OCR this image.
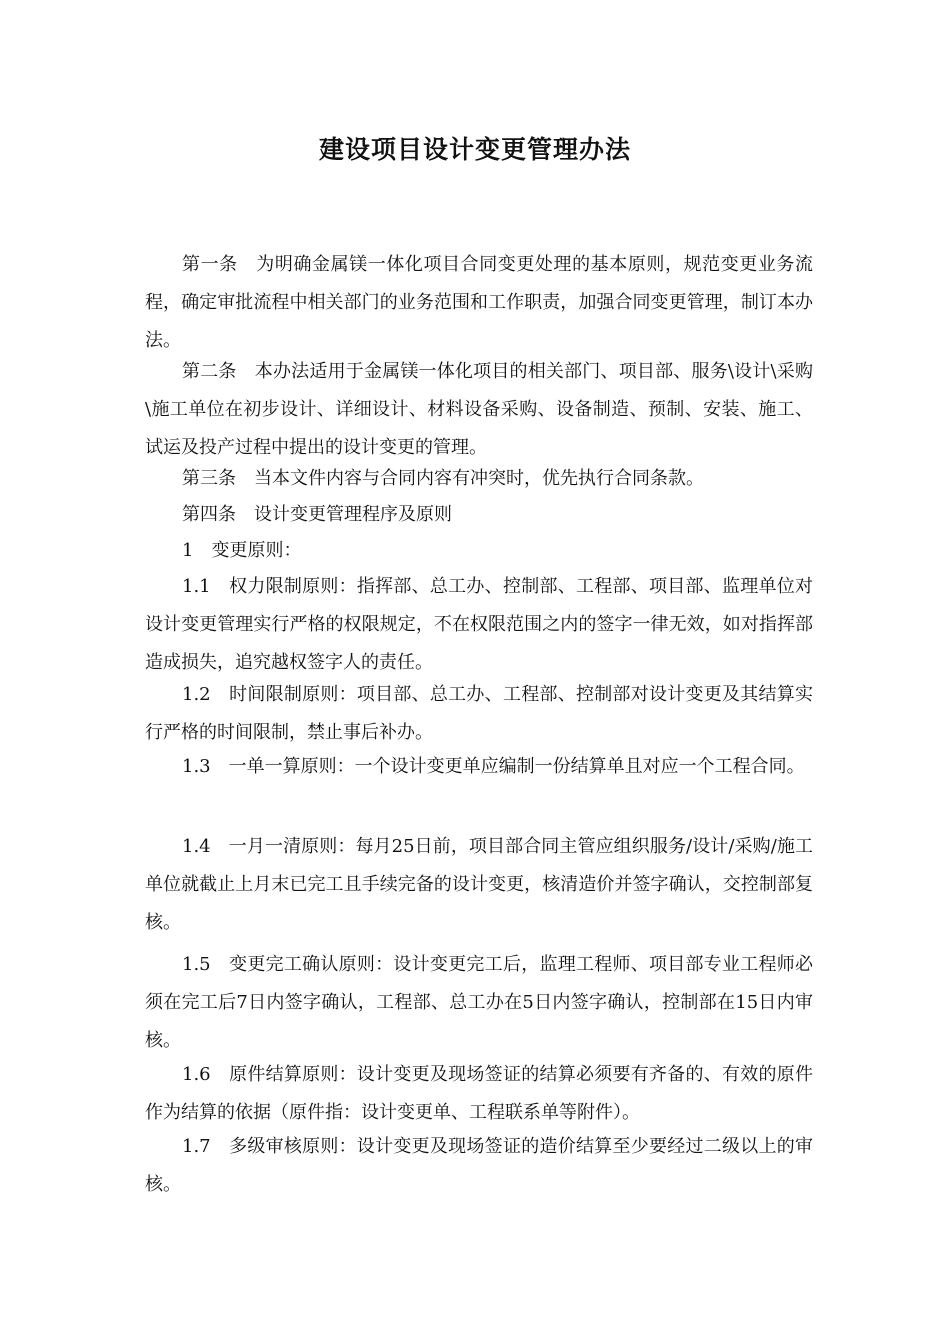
建设项目设计变更管理办法

第一条　为明确金属镁一体化项目合同变更处理的基本原则，规范变更业务流程，确定审批流程中相关部门的业务范围和工作职责，加强合同变更管理，制订本办法。

第二条　本办法适用于金属镁一体化项目的相关部门、项目部、服务\设计\采购\施工单位在初步设计、详细设计、材料设备采购、设备制造、预制、安装、施工、试运及投产过程中提出的设计变更的管理。

第三条　当本文件内容与合同内容有冲突时，优先执行合同条款。

第四条　设计变更管理程序及原则

1　变更原则：

1.1　权力限制原则：指挥部、总工办、控制部、工程部、项目部、监理单位对设计变更管理实行严格的权限规定，不在权限范围之内的签字一律无效，如对指挥部造成损失，追究越权签字人的责任。

1.2　时间限制原则：项目部、总工办、工程部、控制部对设计变更及其结算实行严格的时间限制，禁止事后补办。

1.3　一单一算原则：一个设计变更单应编制一份结算单且对应一个工程合同。

1.4　一月一清原则：每月25日前，项目部合同主管应组织服务/设计/采购/施工单位就截止上月末已完工且手续完备的设计变更，核清造价并签字确认，交控制部复核。

1.5　变更完工确认原则：设计变更完工后，监理工程师、项目部专业工程师必须在完工后7日内签字确认，工程部、总工办在5日内签字确认，控制部在15日内审核。

1.6　原件结算原则：设计变更及现场签证的结算必须要有齐备的、有效的原件作为结算的依据（原件指：设计变更单、工程联系单等附件）。

1.7　多级审核原则：设计变更及现场签证的造价结算至少要经过二级以上的审核。
